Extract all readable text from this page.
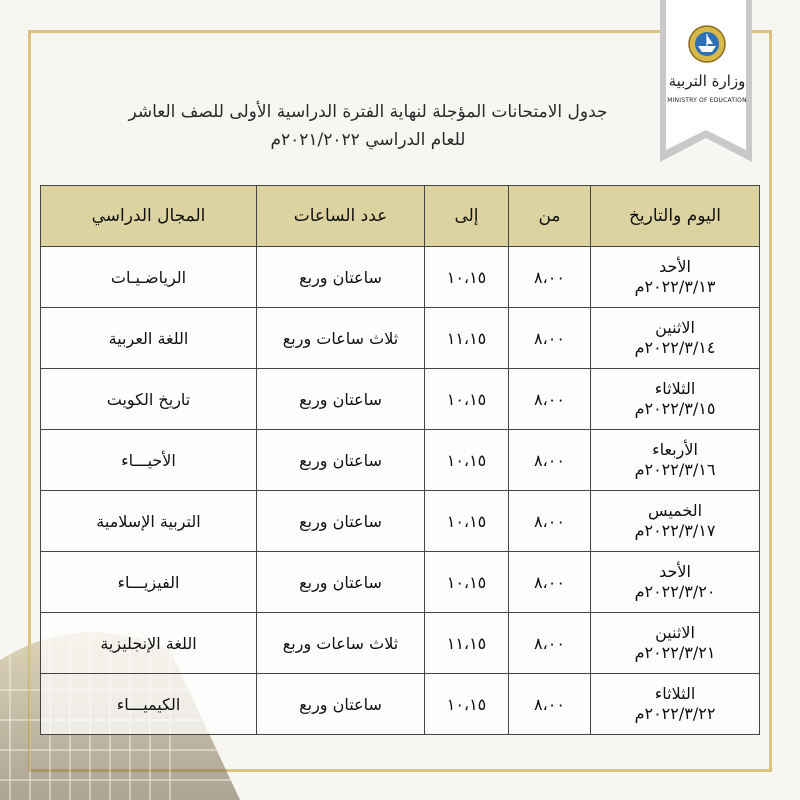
وزارة التربية
MINISTRY OF EDUCATION
جدول الامتحانات المؤجلة لنهاية الفترة الدراسية الأولى للصف العاشر
للعام الدراسي ٢٠٢١/٢٠٢٢م
اليوم والتاريخ	من	إلى	عدد الساعات	المجال الدراسي

الأحد
٢٠٢٢/٣/١٣م	٨،٠٠	١٠،١٥	ساعتان وربع	الرياضـيـات

الاثنين
٢٠٢٢/٣/١٤م	٨،٠٠	١١،١٥	ثلاث ساعات وربع	اللغة العربية

الثلاثاء
٢٠٢٢/٣/١٥م	٨،٠٠	١٠،١٥	ساعتان وربع	تاريخ الكويت

الأربعاء
٢٠٢٢/٣/١٦م	٨،٠٠	١٠،١٥	ساعتان وربع	الأحيـــاء

الخميس
٢٠٢٢/٣/١٧م	٨،٠٠	١٠،١٥	ساعتان وربع	التربية الإسلامية

الأحد
٢٠٢٢/٣/٢٠م	٨،٠٠	١٠،١٥	ساعتان وربع	الفيزيـــاء

الاثنين
٢٠٢٢/٣/٢١م	٨،٠٠	١١،١٥	ثلاث ساعات وربع	اللغة الإنجليزية

الثلاثاء
٢٠٢٢/٣/٢٢م	٨،٠٠	١٠،١٥	ساعتان وربع	الكيميـــاء
